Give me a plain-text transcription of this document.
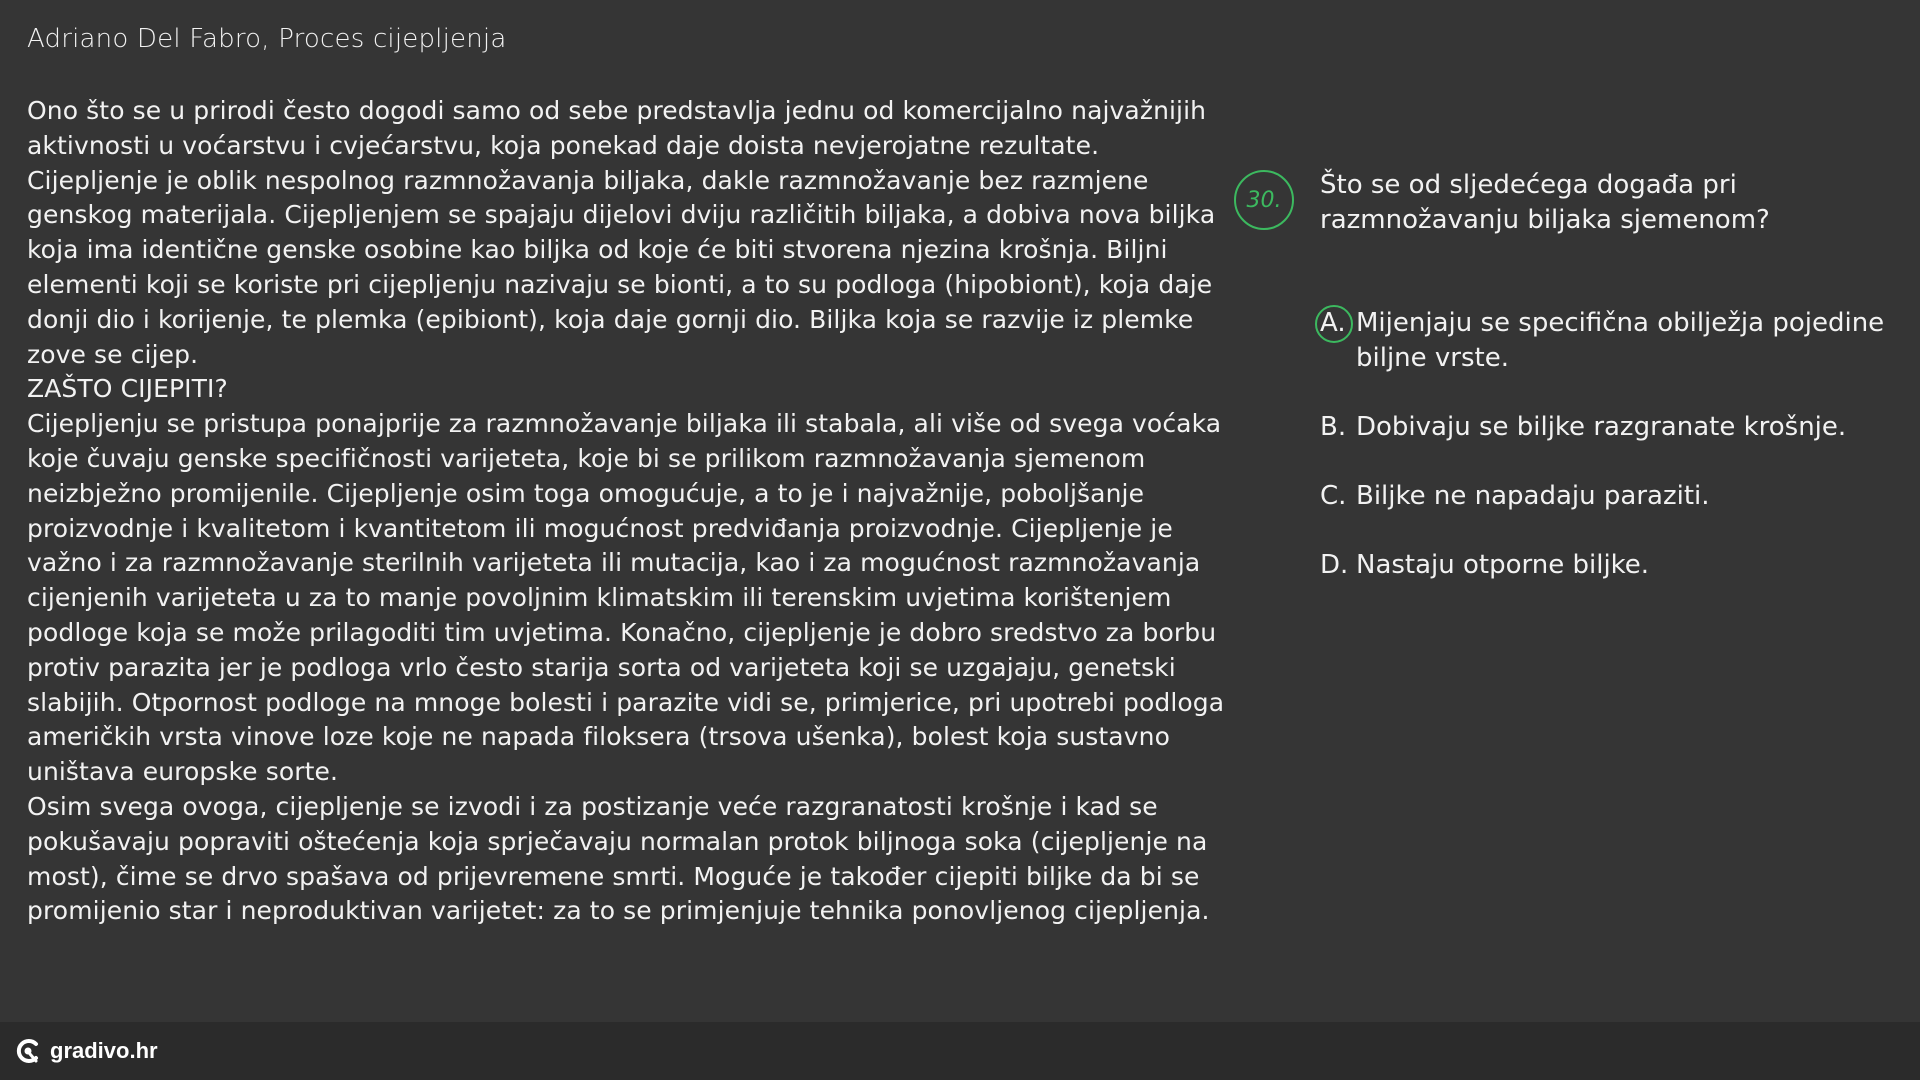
Adriano Del Fabro, Proces cijepljenja

Ono što se u prirodi često dogodi samo od sebe predstavlja jednu od komercijalno najvažnijih aktivnosti u voćarstvu i cvjećarstvu, koja ponekad daje doista nevjerojatne rezultate.

Cijepljenje je oblik nespolnog razmnožavanja biljaka, dakle razmnožavanje bez razmjene genskog materijala. Cijepljenjem se spajaju dijelovi dviju različitih biljaka, a dobiva nova biljka koja ima identične genske osobine kao biljka od koje će biti stvorena njezina krošnja. Biljni elementi koji se koriste pri cijepljenju nazivaju se bionti, a to su podloga (hipobiont), koja daje donji dio i korijenje, te plemka (epibiont), koja daje gornji dio. Biljka koja se razvije iz plemke zove se cijep.

ZAŠTO CIJEPITI?

Cijepljenju se pristupa ponajprije za razmnožavanje biljaka ili stabala, ali više od svega voćaka koje čuvaju genske specifičnosti varijeteta, koje bi se prilikom razmnožavanja sjemenom neizbježno promijenile. Cijepljenje osim toga omogućuje, a to je i najvažnije, poboljšanje proizvodnje i kvalitetom i kvantitetom ili mogućnost predviđanja proizvodnje. Cijepljenje je važno i za razmnožavanje sterilnih varijeteta ili mutacija, kao i za mogućnost razmnožavanja cijenjenih varijeteta u za to manje povoljnim klimatskim ili terenskim uvjetima korištenjem podloge koja se može prilagoditi tim uvjetima. Konačno, cijepljenje je dobro sredstvo za borbu protiv parazita jer je podloga vrlo često starija sorta od varijeteta koji se uzgajaju, genetski slabijih. Otpornost podloge na mnoge bolesti i parazite vidi se, primjerice, pri upotrebi podloga američkih vrsta vinove loze koje ne napada filoksera (trsova ušenka), bolest koja sustavno uništava europske sorte.

Osim svega ovoga, cijepljenje se izvodi i za postizanje veće razgranatosti krošnje i kad se pokušavaju popraviti oštećenja koja sprječavaju normalan protok biljnoga soka (cijepljenje na most), čime se drvo spašava od prijevremene smrti. Moguće je također cijepiti biljke da bi se promijenio star i neproduktivan varijetet: za to se primjenjuje tehnika ponovljenog cijepljenja.

30.	Što se od sljedećega događa pri razmnožavanju biljaka sjemenom?
A. Mijenjaju se specifična obilježja pojedine biljne vrste.
B. Dobivaju se biljke razgranate krošnje.
C. Biljke ne napadaju paraziti.
D. Nastaju otporne biljke.
gradivo.hr
